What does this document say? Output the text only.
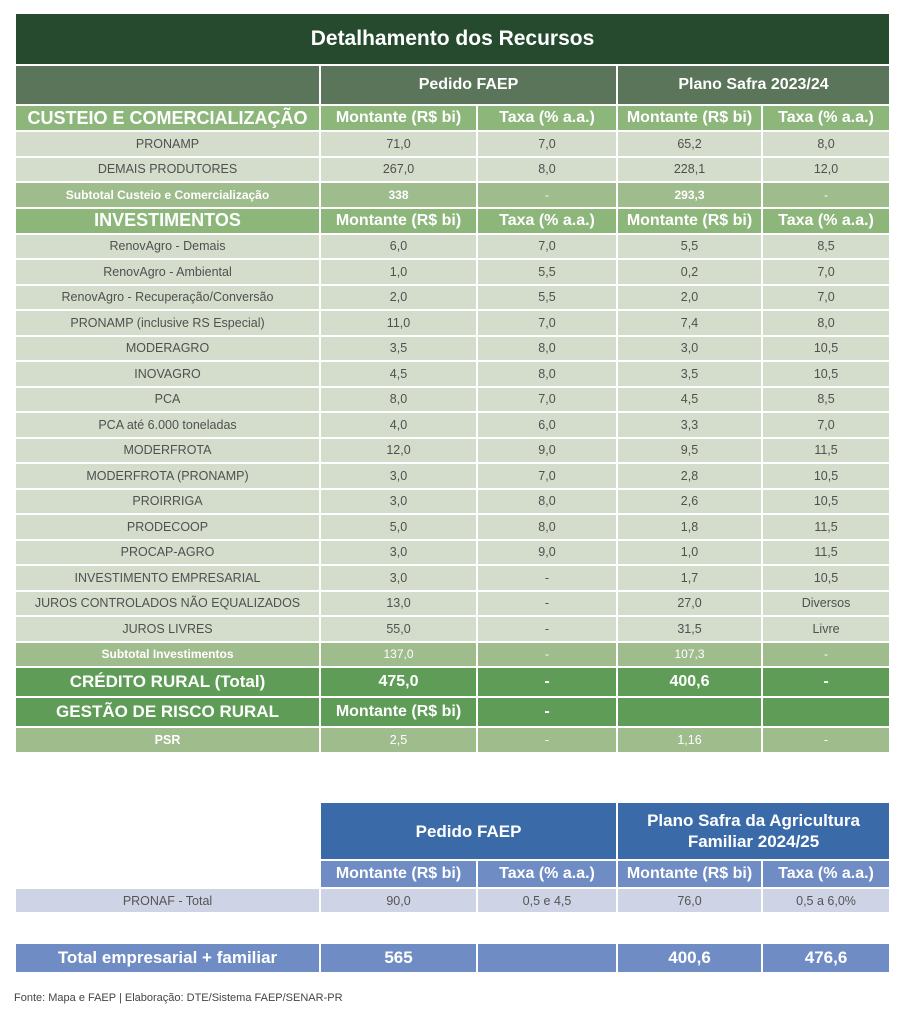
Detalhamento dos Recursos				
	Pedido FAEP		Plano Safra 2023/24	
CUSTEIO E COMERCIALIZAÇÃO	Montante (R$ bi)	Taxa (% a.a.)	Montante (R$ bi)	Taxa (% a.a.)
PRONAMP	71,0	7,0	65,2	8,0
DEMAIS PRODUTORES	267,0	8,0	228,1	12,0
Subtotal Custeio e Comercialização	338	-	293,3	-
INVESTIMENTOS	Montante (R$ bi)	Taxa (% a.a.)	Montante (R$ bi)	Taxa (% a.a.)
RenovAgro - Demais	6,0	7,0	5,5	8,5
RenovAgro - Ambiental	1,0	5,5	0,2	7,0
RenovAgro - Recuperação/Conversão	2,0	5,5	2,0	7,0
PRONAMP (inclusive RS Especial)	11,0	7,0	7,4	8,0
MODERAGRO	3,5	8,0	3,0	10,5
INOVAGRO	4,5	8,0	3,5	10,5
PCA	8,0	7,0	4,5	8,5
PCA até 6.000 toneladas	4,0	6,0	3,3	7,0
MODERFROTA	12,0	9,0	9,5	11,5
MODERFROTA (PRONAMP)	3,0	7,0	2,8	10,5
PROIRRIGA	3,0	8,0	2,6	10,5
PRODECOOP	5,0	8,0	1,8	11,5
PROCAP-AGRO	3,0	9,0	1,0	11,5
INVESTIMENTO EMPRESARIAL	3,0	-	1,7	10,5
JUROS CONTROLADOS NÃO EQUALIZADOS	13,0	-	27,0	Diversos
JUROS LIVRES	55,0	-	31,5	Livre
Subtotal Investimentos	137,0	-	107,3	-
CRÉDITO RURAL (Total)	475,0	-	400,6	-
GESTÃO DE RISCO RURAL	Montante (R$ bi)	-		
PSR	2,5	-	1,16	-
	Pedido FAEP		Plano Safra da Agricultura Familiar 2024/25	
	Montante (R$ bi)	Taxa (% a.a.)	Montante (R$ bi)	Taxa (% a.a.)
PRONAF - Total	90,0	0,5 e 4,5	76,0	0,5 a 6,0%

Total empresarial + familiar	565		400,6	476,6
Fonte: Mapa e FAEP | Elaboração: DTE/Sistema FAEP/SENAR-PR
